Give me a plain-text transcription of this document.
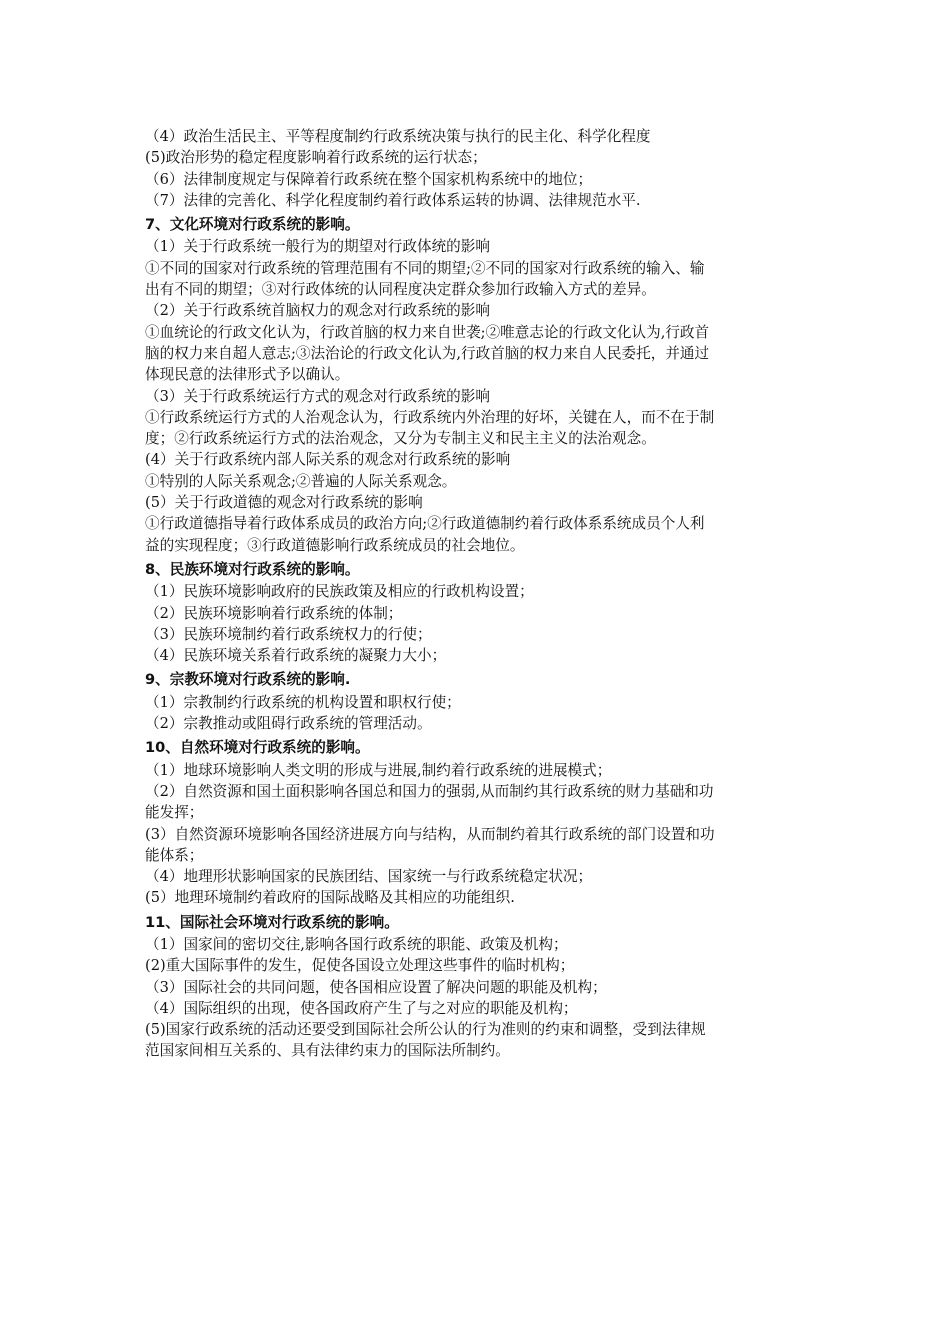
（4）政治生活民主、平等程度制约行政系统决策与执行的民主化、科学化程度
(5)政治形势的稳定程度影响着行政系统的运行状态；
（6）法律制度规定与保障着行政系统在整个国家机构系统中的地位；
（7）法律的完善化、科学化程度制约着行政体系运转的协调、法律规范水平.
7、文化环境对行政系统的影响。
（1）关于行政系统一般行为的期望对行政体统的影响
①不同的国家对行政系统的管理范围有不同的期望;②不同的国家对行政系统的输入、输
出有不同的期望；③对行政体统的认同程度决定群众参加行政输入方式的差异。
（2）关于行政系统首脑权力的观念对行政系统的影响
①血统论的行政文化认为，行政首脑的权力来自世袭;②唯意志论的行政文化认为,行政首
脑的权力来自超人意志;③法治论的行政文化认为,行政首脑的权力来自人民委托，并通过
体现民意的法律形式予以确认。
（3）关于行政系统运行方式的观念对行政系统的影响
①行政系统运行方式的人治观念认为，行政系统内外治理的好坏，关键在人，而不在于制
度；②行政系统运行方式的法治观念，又分为专制主义和民主主义的法治观念。
(4）关于行政系统内部人际关系的观念对行政系统的影响
①特别的人际关系观念;②普遍的人际关系观念。
(5）关于行政道德的观念对行政系统的影响
①行政道德指导着行政体系成员的政治方向;②行政道德制约着行政体系系统成员个人利
益的实现程度；③行政道德影响行政系统成员的社会地位。
8、民族环境对行政系统的影响。
（1）民族环境影响政府的民族政策及相应的行政机构设置；
（2）民族环境影响着行政系统的体制；
（3）民族环境制约着行政系统权力的行使；
（4）民族环境关系着行政系统的凝聚力大小；
9、宗教环境对行政系统的影响.
（1）宗教制约行政系统的机构设置和职权行使；
（2）宗教推动或阻碍行政系统的管理活动。
10、自然环境对行政系统的影响。
（1）地球环境影响人类文明的形成与进展,制约着行政系统的进展模式；
（2）自然资源和国土面积影响各国总和国力的强弱,从而制约其行政系统的财力基础和功
能发挥；
(3）自然资源环境影响各国经济进展方向与结构，从而制约着其行政系统的部门设置和功
能体系；
（4）地理形状影响国家的民族团结、国家统一与行政系统稳定状况；
(5）地理环境制约着政府的国际战略及其相应的功能组织.
11、国际社会环境对行政系统的影响。
（1）国家间的密切交往,影响各国行政系统的职能、政策及机构；
(2)重大国际事件的发生，促使各国设立处理这些事件的临时机构；
（3）国际社会的共同问题，使各国相应设置了解决问题的职能及机构；
（4）国际组织的出现，使各国政府产生了与之对应的职能及机构；
(5)国家行政系统的活动还要受到国际社会所公认的行为准则的约束和调整，受到法律规
范国家间相互关系的、具有法律约束力的国际法所制约。
